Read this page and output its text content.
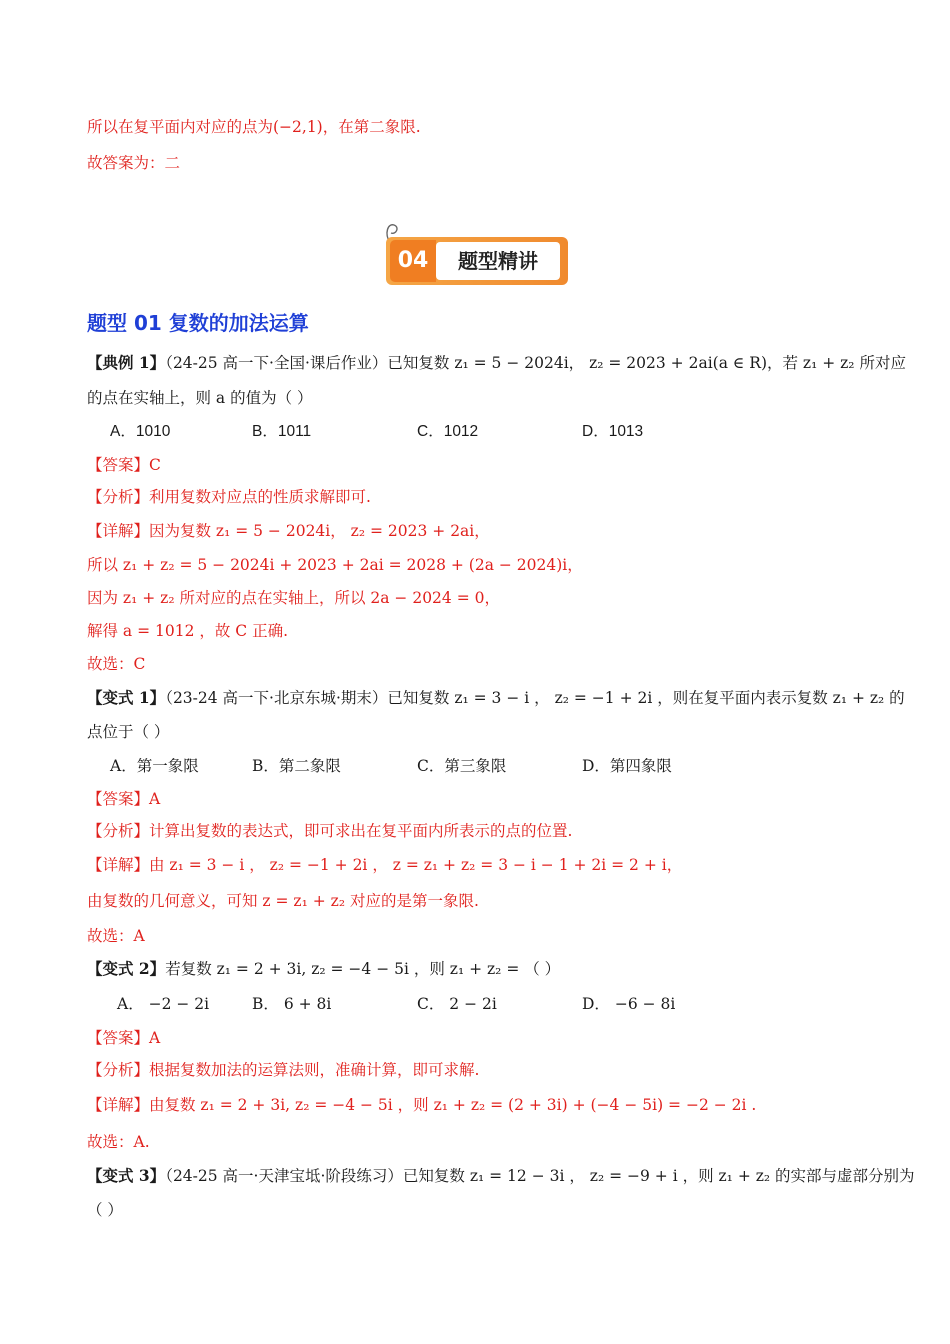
所以在复平面内对应的点为(−2,1)，在第二象限.
故答案为：二
04	题型精讲
题型 01 复数的加法运算
【典例 1】（24-25 高一下·全国·课后作业）已知复数 z₁ = 5 − 2024i， z₂ = 2023 + 2ai(a ∈ R)，若 z₁ + z₂ 所对应
的点在实轴上，则 a 的值为（ ）
A．1010	B．1011	C．1012	D．1013
【答案】C
【分析】利用复数对应点的性质求解即可.
【详解】因为复数 z₁ = 5 − 2024i， z₂ = 2023 + 2ai，
所以 z₁ + z₂ = 5 − 2024i + 2023 + 2ai = 2028 + (2a − 2024)i，
因为 z₁ + z₂ 所对应的点在实轴上，所以 2a − 2024 = 0，
解得 a = 1012 ，故 C 正确.
故选：C
【变式 1】（23-24 高一下·北京东城·期末）已知复数 z₁ = 3 − i ， z₂ = −1 + 2i ，则在复平面内表示复数 z₁ + z₂ 的
点位于（ ）
A．第一象限	B．第二象限	C．第三象限	D．第四象限
【答案】A
【分析】计算出复数的表达式，即可求出在复平面内所表示的点的位置.
【详解】由 z₁ = 3 − i ， z₂ = −1 + 2i ， z = z₁ + z₂ = 3 − i − 1 + 2i = 2 + i，
由复数的几何意义，可知 z = z₁ + z₂ 对应的是第一象限.
故选：A
【变式 2】若复数 z₁ = 2 + 3i, z₂ = −4 − 5i ，则 z₁ + z₂ = （ ）
A． −2 − 2i	B． 6 + 8i	C． 2 − 2i	D． −6 − 8i
【答案】A
【分析】根据复数加法的运算法则，准确计算，即可求解.
【详解】由复数 z₁ = 2 + 3i, z₂ = −4 − 5i ，则 z₁ + z₂ = (2 + 3i) + (−4 − 5i) = −2 − 2i .
故选：A.
【变式 3】（24-25 高一·天津宝坻·阶段练习）已知复数 z₁ = 12 − 3i ， z₂ = −9 + i ，则 z₁ + z₂ 的实部与虚部分别为
（ ）
